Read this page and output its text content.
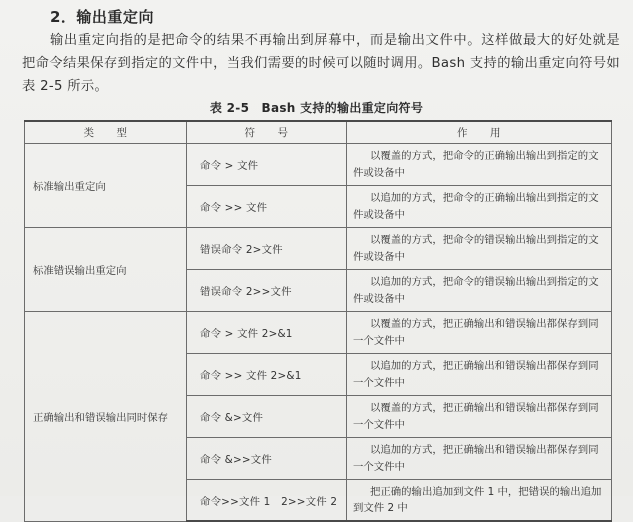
2．输出重定向
输出重定向指的是把命令的结果不再输出到屏幕中，而是输出文件中。这样做最大的好处就是把命令结果保存到指定的文件中，当我们需要的时候可以随时调用。Bash 支持的输出重定向符号如表 2-5 所示。
表 2-5　Bash 支持的输出重定向符号
类　　型	符　　号	作　　用
标准输出重定向	命令 > 文件	以覆盖的方式，把命令的正确输出输出到指定的文件或设备中

	命令 >> 文件	以追加的方式，把命令的正确输出输出到指定的文件或设备中

标准错误输出重定向	错误命令 2>文件	以覆盖的方式，把命令的错误输出输出到指定的文件或设备中

	错误命令 2>>文件	以追加的方式，把命令的错误输出输出到指定的文件或设备中

正确输出和错误输出同时保存	命令 > 文件 2>&1	以覆盖的方式，把正确输出和错误输出都保存到同一个文件中

	命令 >> 文件 2>&1	以追加的方式，把正确输出和错误输出都保存到同一个文件中

	命令 &>文件	以覆盖的方式，把正确输出和错误输出都保存到同一个文件中

	命令 &>>文件	以追加的方式，把正确输出和错误输出都保存到同一个文件中

	命令>>文件 1　2>>文件 2	把正确的输出追加到文件 1 中，把错误的输出追加到文件 2 中
